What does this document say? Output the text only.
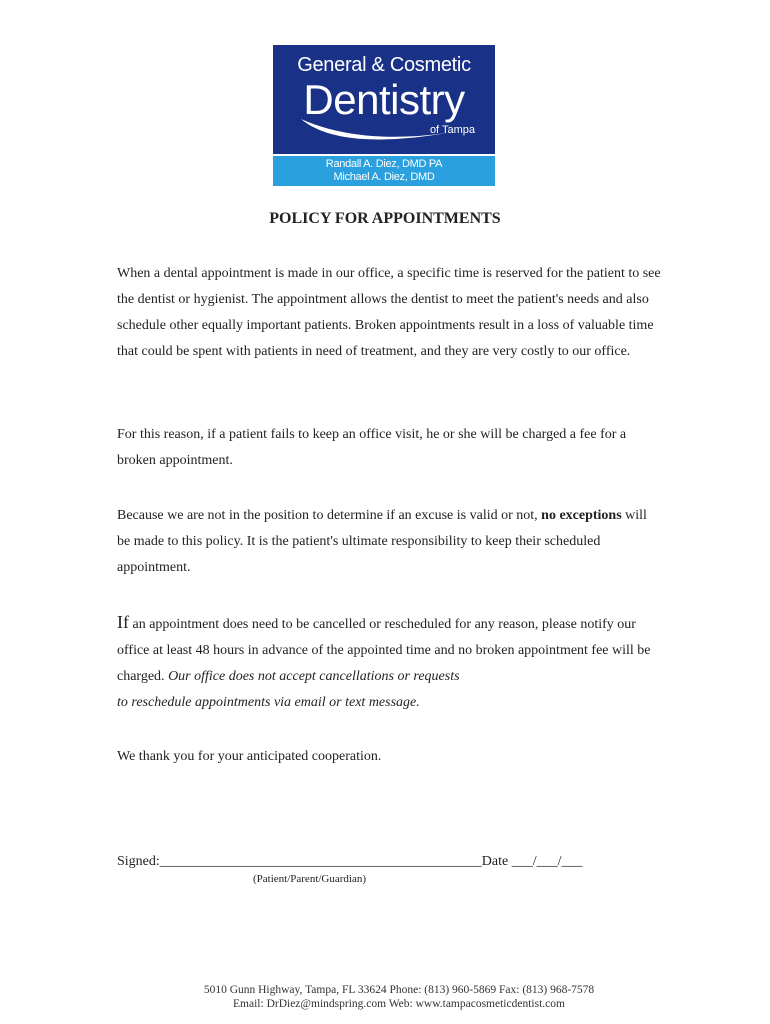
General & Cosmetic
Dentistry
of Tampa
Randall A. Diez, DMD PA
Michael A. Diez, DMD
POLICY FOR APPOINTMENTS
When a dental appointment is made in our office, a specific time is reserved for the patient to see the dentist or hygienist. The appointment allows the dentist to meet the patient's needs and also schedule other equally important patients. Broken appointments result in a loss of valuable time that could be spent with patients in need of treatment, and they are very costly to our office.
For this reason, if a patient fails to keep an office visit, he or she will be charged a fee for a broken appointment.
Because we are not in the position to determine if an excuse is valid or not, no exceptions will be made to this policy. It is the patient's ultimate responsibility to keep their scheduled appointment.
If an appointment does need to be cancelled or rescheduled for any reason, please notify our office at least 48 hours in advance of the appointed time and no broken appointment fee will be charged. Our office does not accept cancellations or requests
to reschedule appointments via email or text message.
We thank you for your anticipated cooperation.
Signed:______________________________________________Date ___/___/___
(Patient/Parent/Guardian)
5010 Gunn Highway, Tampa, FL 33624 Phone: (813) 960-5869 Fax: (813) 968-7578
Email: DrDiez@mindspring.com Web: www.tampacosmeticdentist.com
